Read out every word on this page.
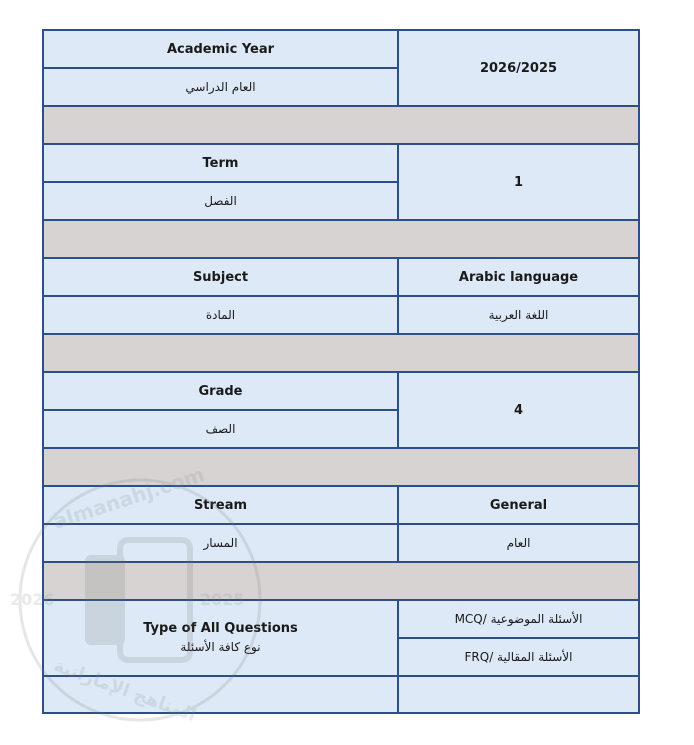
Academic Year	2026/2025
العام الدراسي	

Term	1
الفصل	

Subject	Arabic language
المادة	اللغة العربية

Grade	4
الصف	

Stream	General
المسار	العام

Type of All Questions
نوع كافة الأسئلة	الأسئلة الموضوعية /MCQ
	الأسئلة المقالية /FRQ

2026
